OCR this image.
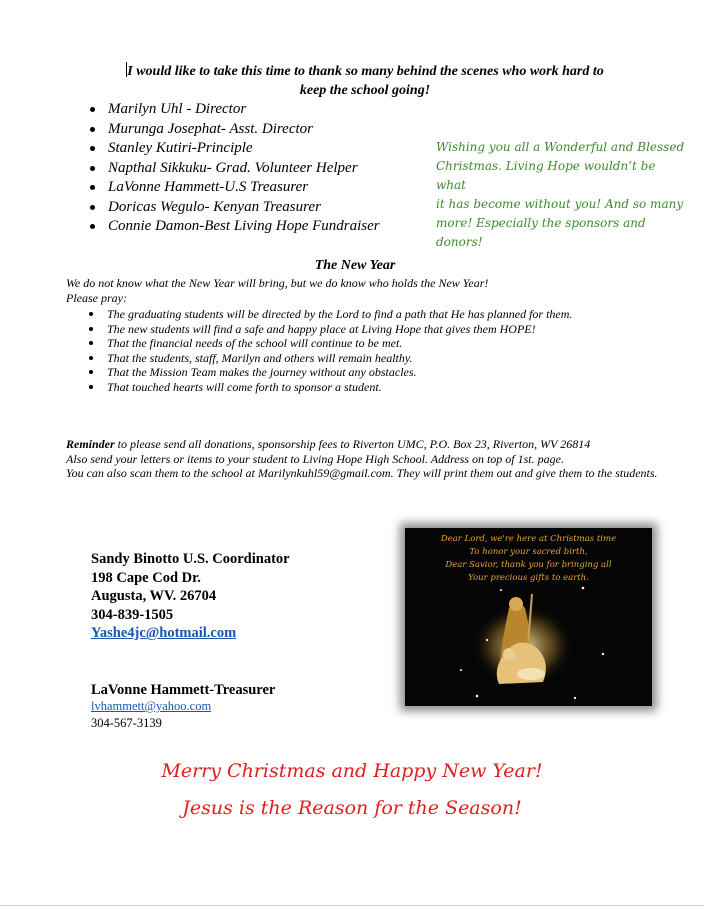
I would like to take this time to thank so many behind the scenes who work hard to
keep the school going!
Marilyn Uhl - Director
Murunga Josephat- Asst. Director
Stanley Kutiri-Principle
Napthal Sikkuku- Grad. Volunteer Helper
LaVonne Hammett-U.S Treasurer
Doricas Wegulo- Kenyan Treasurer
Connie Damon-Best Living Hope Fundraiser
Wishing you all a Wonderful and Blessed
Christmas. Living Hope wouldn’t be what
it has become without you! And so many
more! Especially the sponsors and donors!
The New Year
We do not know what the New Year will bring, but we do know who holds the New Year!
Please pray:
The graduating students will be directed by the Lord to find a path that He has planned for them.
The new students will find a safe and happy place at Living Hope that gives them HOPE!
That the financial needs of the school will continue to be met.
That the students, staff, Marilyn and others will remain healthy.
That the Mission Team makes the journey without any obstacles.
That touched hearts will come forth to sponsor a student.
Reminder to please send all donations, sponsorship fees to Riverton UMC, P.O. Box 23, Riverton, WV 26814
Also send your letters or items to your student to Living Hope High School. Address on top of 1st. page.
You can also scan them to the school at Marilynkuhl59@gmail.com. They will print them out and give them to the students.
Sandy Binotto U.S. Coordinator
198 Cape Cod Dr.
Augusta, WV. 26704
304-839-1505
Yashe4jc@hotmail.com
LaVonne Hammett-Treasurer
lvhammett@yahoo.com
304-567-3139
Dear Lord, we're here at Christmas time
To honor your sacred birth,
Dear Savior, thank you for bringing all
Your precious gifts to earth.
Merry Christmas and Happy New Year!
Jesus is the Reason for the Season!
